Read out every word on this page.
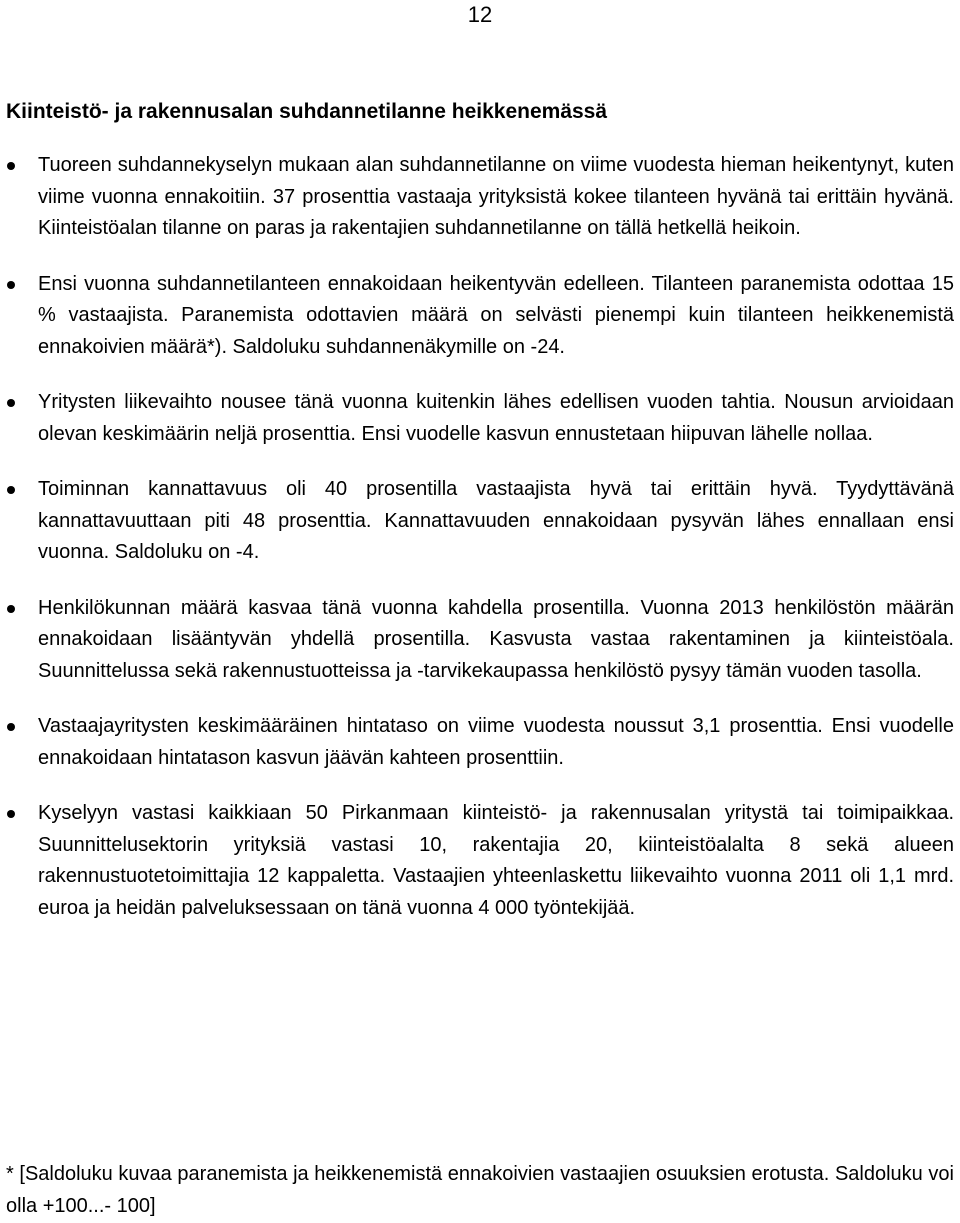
12
Kiinteistö- ja rakennusalan suhdannetilanne heikkenemässä
Tuoreen suhdannekyselyn mukaan alan suhdannetilanne on viime vuodesta hieman heikentynyt, kuten viime vuonna ennakoitiin. 37 prosenttia vastaaja yrityksistä kokee tilanteen hyvänä tai erittäin hyvänä. Kiinteistöalan tilanne on paras ja rakentajien suhdannetilanne on tällä hetkellä heikoin.
Ensi vuonna suhdannetilanteen ennakoidaan heikentyvän edelleen. Tilanteen paranemista odottaa 15 % vastaajista. Paranemista odottavien määrä on selvästi pienempi kuin tilanteen heikkenemistä ennakoivien määrä*). Saldoluku suhdannenäkymille on -24.
Yritysten liikevaihto nousee tänä vuonna kuitenkin lähes edellisen vuoden tahtia. Nousun arvioidaan olevan keskimäärin neljä prosenttia. Ensi vuodelle kasvun ennustetaan hiipuvan lähelle nollaa.
Toiminnan kannattavuus oli 40 prosentilla vastaajista hyvä tai erittäin hyvä. Tyydyttävänä kannattavuuttaan piti 48 prosenttia. Kannattavuuden ennakoidaan pysyvän lähes ennallaan ensi vuonna. Saldoluku on -4.
Henkilökunnan määrä kasvaa tänä vuonna kahdella prosentilla. Vuonna 2013 henkilöstön määrän ennakoidaan lisääntyvän yhdellä prosentilla. Kasvusta vastaa rakentaminen ja kiinteistöala. Suunnittelussa sekä rakennustuotteissa ja -tarvikekaupassa henkilöstö pysyy tämän vuoden tasolla.
Vastaajayritysten keskimääräinen hintataso on viime vuodesta noussut 3,1 prosenttia. Ensi vuodelle ennakoidaan hintatason kasvun jäävän kahteen prosenttiin.
Kyselyyn vastasi kaikkiaan 50 Pirkanmaan kiinteistö- ja rakennusalan yritystä tai toimipaikkaa. Suunnittelusektorin yrityksiä vastasi 10, rakentajia 20, kiinteistöalalta 8 sekä alueen rakennustuotetoimittajia 12 kappaletta. Vastaajien yhteenlaskettu liikevaihto vuonna 2011 oli 1,1 mrd. euroa ja heidän palveluksessaan on tänä vuonna 4 000 työntekijää.
* [Saldoluku kuvaa paranemista ja heikkenemistä ennakoivien vastaajien osuuksien erotusta. Saldoluku voi olla +100...- 100]
